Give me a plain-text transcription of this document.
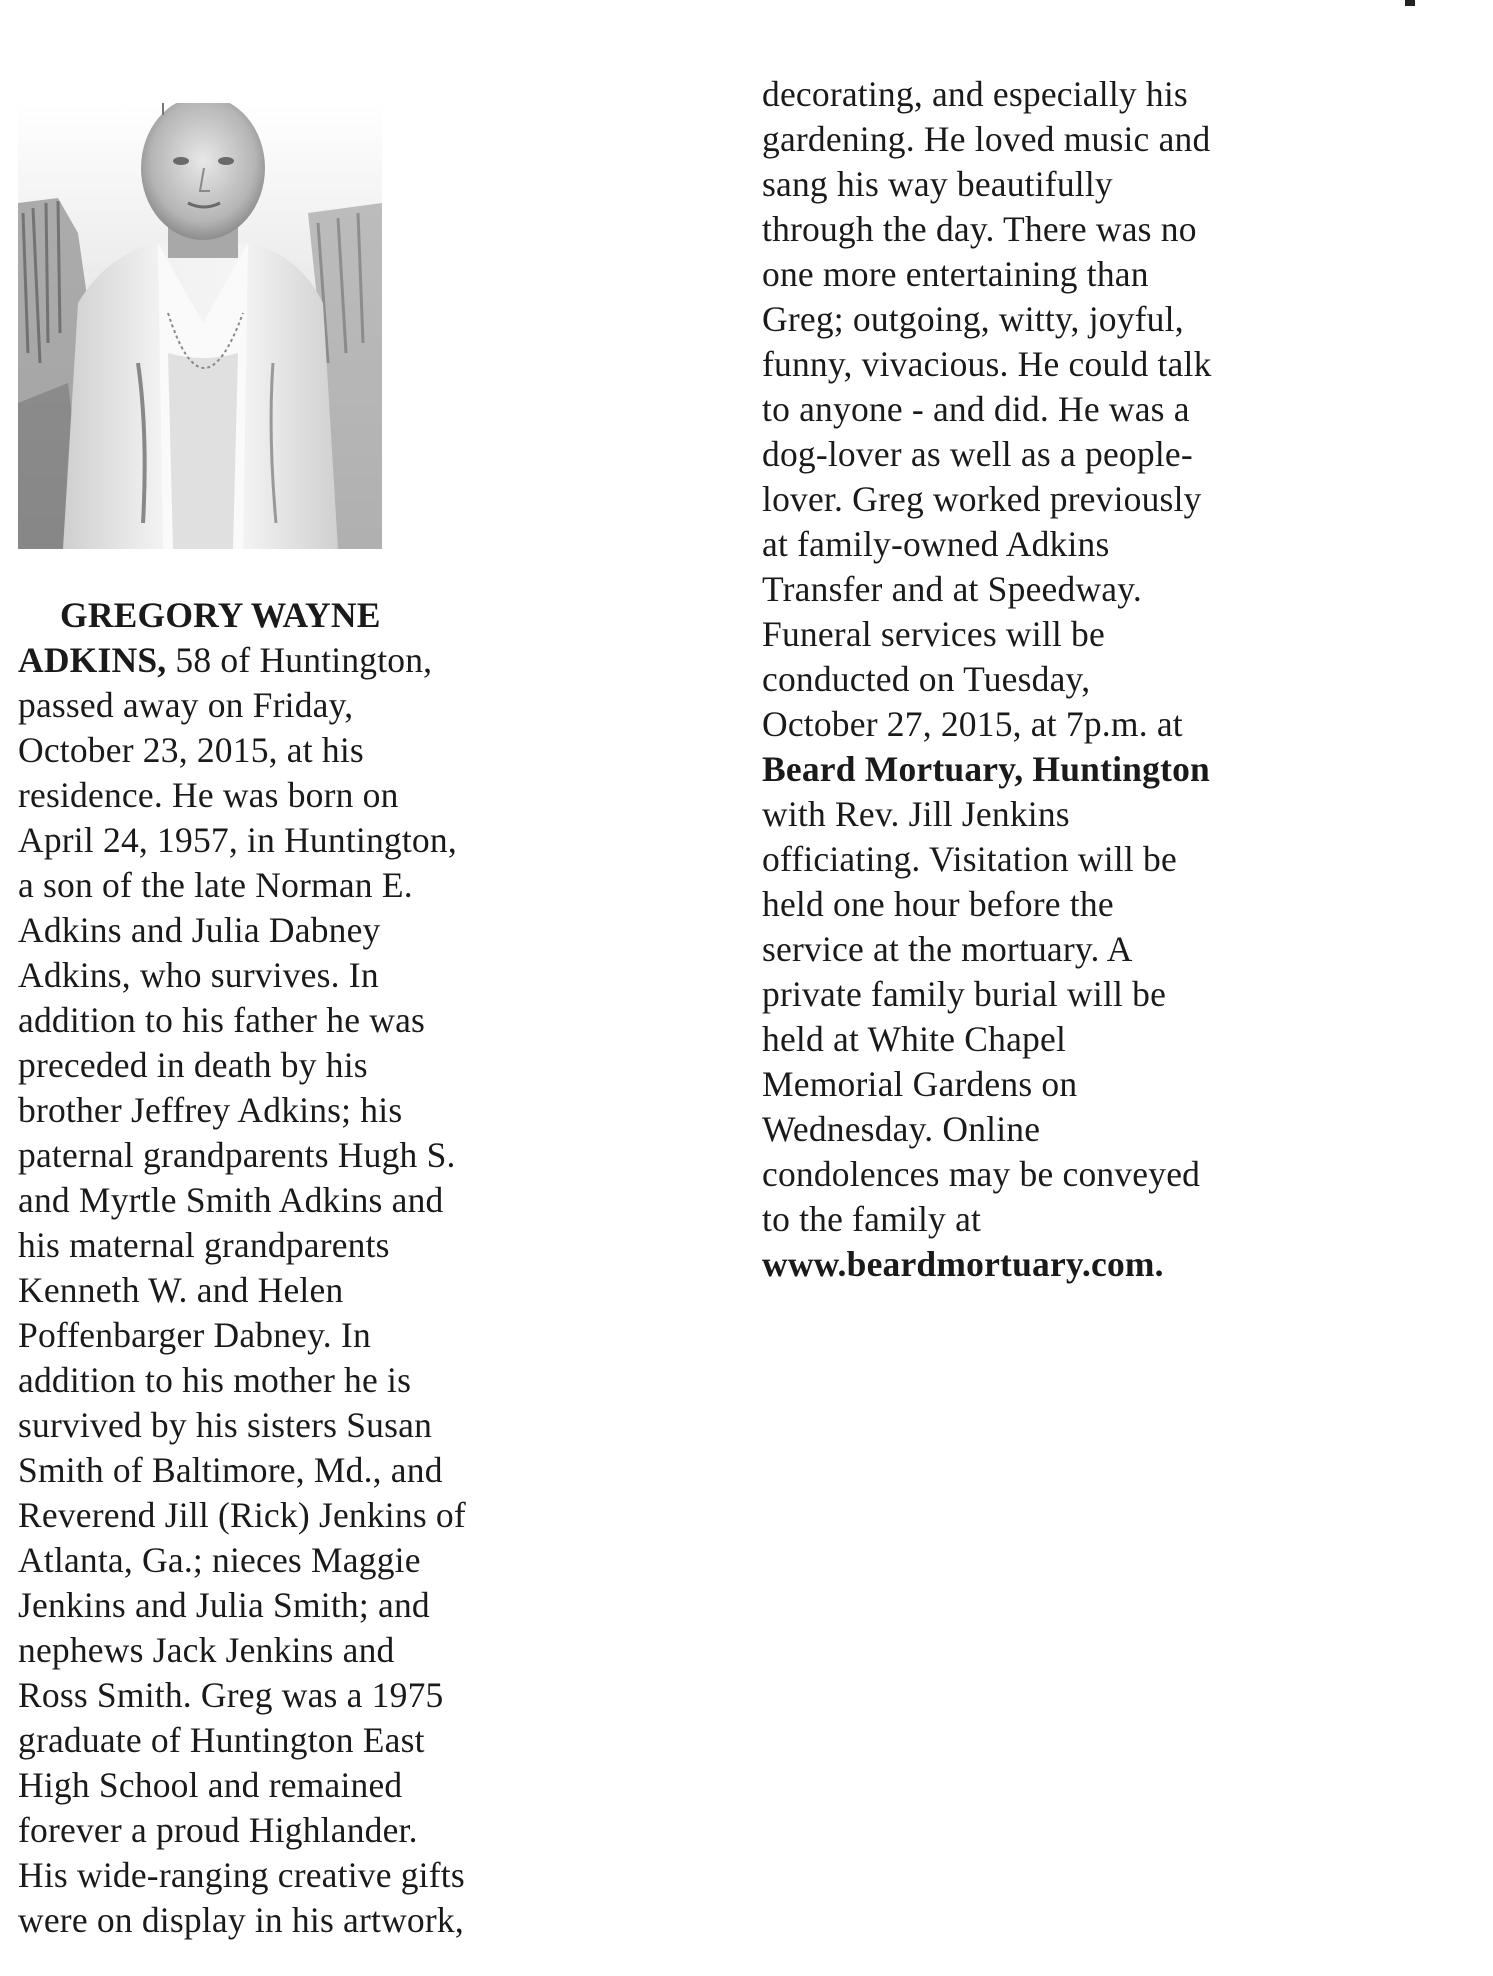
GREGORY WAYNE

ADKINS, 58 of Huntington,

passed away on Friday,

October 23, 2015, at his

residence. He was born on

April 24, 1957, in Huntington,

a son of the late Norman E.

Adkins and Julia Dabney

Adkins, who survives. In

addition to his father he was

preceded in death by his

brother Jeffrey Adkins; his

paternal grandparents Hugh S.

and Myrtle Smith Adkins and

his maternal grandparents

Kenneth W. and Helen

Poffenbarger Dabney. In

addition to his mother he is

survived by his sisters Susan

Smith of Baltimore, Md., and

Reverend Jill (Rick) Jenkins of

Atlanta, Ga.; nieces Maggie

Jenkins and Julia Smith; and

nephews Jack Jenkins and

Ross Smith. Greg was a 1975

graduate of Huntington East

High School and remained

forever a proud Highlander.

His wide-ranging creative gifts

were on display in his artwork,

decorating, and especially his

gardening. He loved music and

sang his way beautifully

through the day. There was no

one more entertaining than

Greg; outgoing, witty, joyful,

funny, vivacious. He could talk

to anyone - and did. He was a

dog-lover as well as a people-

lover. Greg worked previously

at family-owned Adkins

Transfer and at Speedway.

Funeral services will be

conducted on Tuesday,

October 27, 2015, at 7p.m. at

Beard Mortuary, Huntington

with Rev. Jill Jenkins

officiating. Visitation will be

held one hour before the

service at the mortuary. A

private family burial will be

held at White Chapel

Memorial Gardens on

Wednesday. Online

condolences may be conveyed

to the family at

www.beardmortuary.com.
